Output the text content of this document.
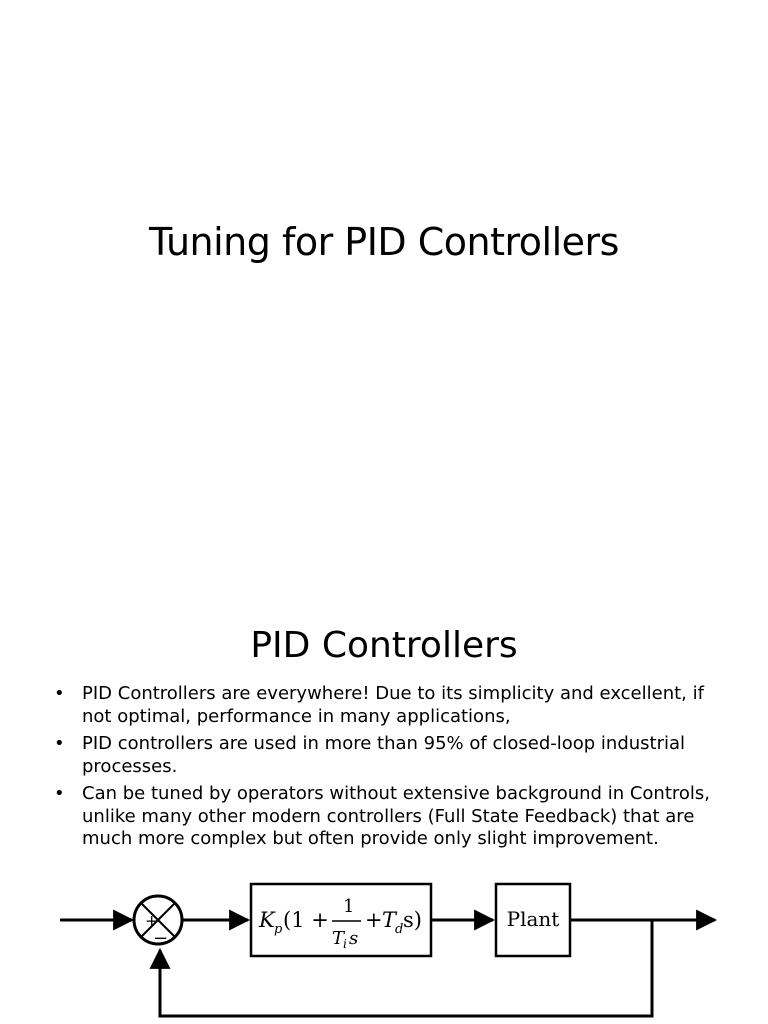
Tuning for PID Controllers
PID Controllers
• PID Controllers are everywhere! Due to its simplicity and excellent, if not optimal, performance in many applications,
• PID controllers are used in more than 95% of closed-loop industrial processes.
• Can be tuned by operators without extensive background in Controls, unlike many other modern controllers (Full State Feedback) that are much more complex but often provide only slight improvement.
+
−
K p (1 +
1
T
i s
+ T
d s)	Plant
